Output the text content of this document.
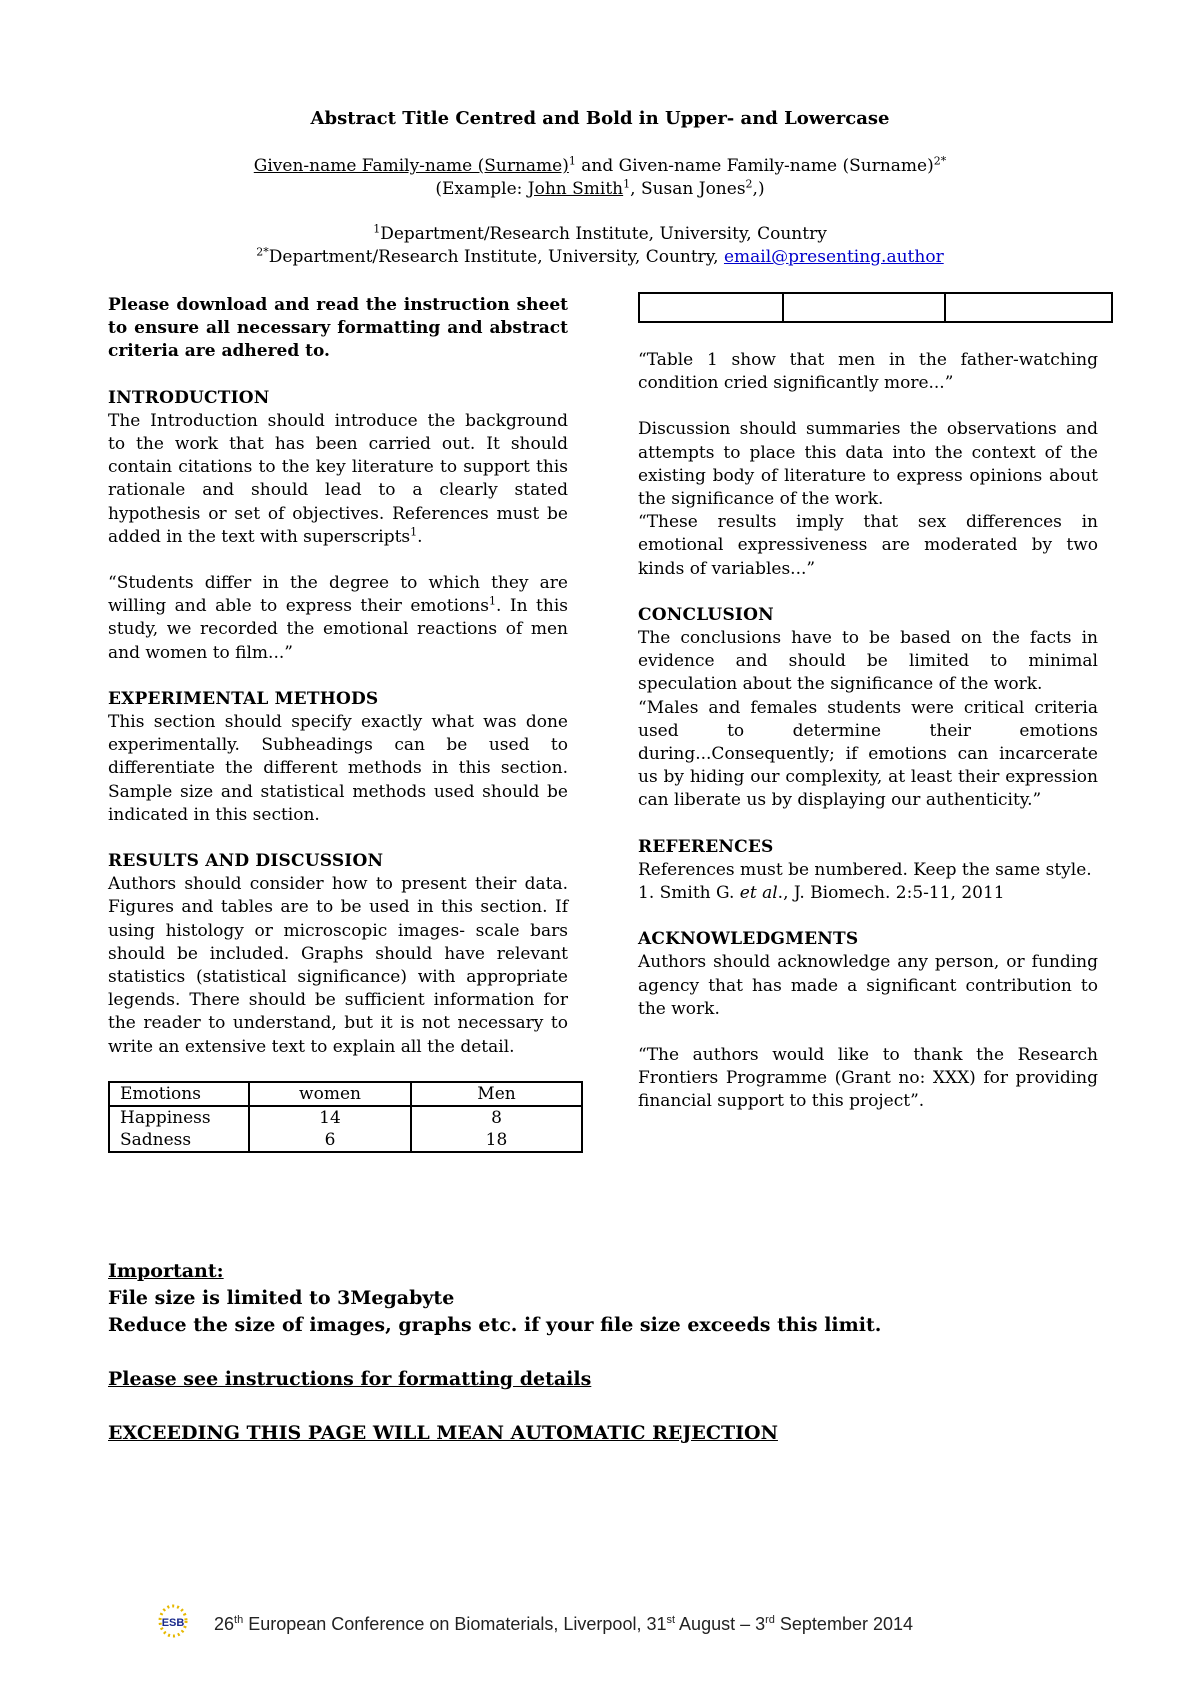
Abstract Title Centred and Bold in Upper- and Lowercase
Given-name Family-name (Surname)$^1$ and Given-name Family-name (Surname)$^{2*}$
(Example: John Smith$^1$, Susan Jones$^2$,)
$^1$Department/Research Institute, University, Country
$^{2*}$Department/Research Institute, University, Country, email@presenting.author

Please download and read the instruction sheet to ensure all necessary formatting and abstract criteria are adhered to.

INTRODUCTION

The Introduction should introduce the background to the work that has been carried out. It should contain citations to the key literature to support this rationale and should lead to a clearly stated hypothesis or set of objectives. References must be added in the text with superscripts$^1$.

“Students differ in the degree to which they are willing and able to express their emotions$^1$. In this study, we recorded the emotional reactions of men and women to film...”

EXPERIMENTAL METHODS

This section should specify exactly what was done experimentally. Subheadings can be used to differentiate the different methods in this section. Sample size and statistical methods used should be indicated in this section.

RESULTS AND DISCUSSION

Authors should consider how to present their data. Figures and tables are to be used in this section. If using histology or microscopic images- scale bars should be included. Graphs should have relevant statistics (statistical significance) with appropriate legends. There should be sufficient information for the reader to understand, but it is not necessary to write an extensive text to explain all the detail.

Emotions	women	Men
Happiness	14	8
Sadness	6	18

“Table 1 show that men in the father-watching condition cried significantly more...”

Discussion should summaries the observations and attempts to place this data into the context of the existing body of literature to express opinions about the significance of the work.

“These results imply that sex differences in emotional expressiveness are moderated by two kinds of variables...”

CONCLUSION

The conclusions have to be based on the facts in evidence and should be limited to minimal speculation about the significance of the work.

“Males and females students were critical criteria used to determine their emotions during...Consequently; if emotions can incarcerate us by hiding our complexity, at least their expression can liberate us by displaying our authenticity.”

REFERENCES

References must be numbered. Keep the same style.

1. Smith G. et al., J. Biomech. 2:5-11, 2011

ACKNOWLEDGMENTS

Authors should acknowledge any person, or funding agency that has made a significant contribution to the work.

“The authors would like to thank the Research Frontiers Programme (Grant no: XXX) for providing financial support to this project”.

Important:

File size is limited to 3Megabyte

Reduce the size of images, graphs etc. if your file size exceeds this limit.

Please see instructions for formatting details

EXCEEDING THIS PAGE WILL MEAN AUTOMATIC REJECTION

ESB 26th European Conference on Biomaterials, Liverpool, 31st August – 3rd September 2014
